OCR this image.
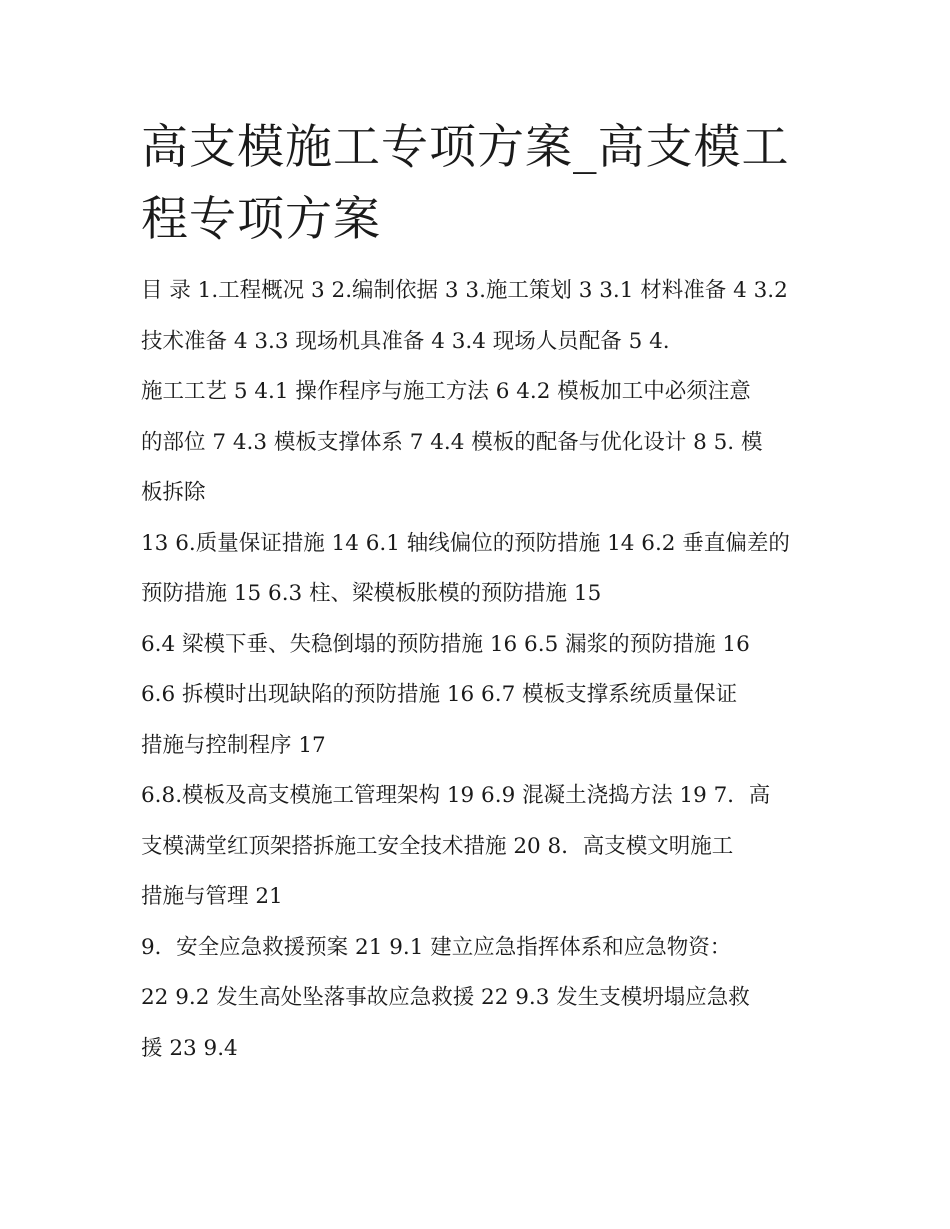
高支模施工专项方案_高支模工
程专项方案

目 录 1.工程概况 3 2.编制依据 3 3.施工策划 3 3.1 材料准备 4 3.2

技术准备 4 3.3 现场机具准备 4 3.4 现场人员配备 5 4.

施工工艺 5 4.1 操作程序与施工方法 6 4.2 模板加工中必须注意

的部位 7 4.3 模板支撑体系 7 4.4 模板的配备与优化设计 8 5. 模

板拆除

13 6.质量保证措施 14 6.1 轴线偏位的预防措施 14 6.2 垂直偏差的

预防措施 15 6.3 柱、梁模板胀模的预防措施 15

6.4 梁模下垂、失稳倒塌的预防措施 16 6.5 漏浆的预防措施 16

6.6 拆模时出现缺陷的预防措施 16 6.7 模板支撑系统质量保证

措施与控制程序 17

6.8.模板及高支模施工管理架构 19 6.9 混凝土浇捣方法 19 7．高

支模满堂红顶架搭拆施工安全技术措施 20 8．高支模文明施工

措施与管理 21

9．安全应急救援预案 21 9.1 建立应急指挥体系和应急物资：

22 9.2 发生高处坠落事故应急救援 22 9.3 发生支模坍塌应急救

援 23 9.4
